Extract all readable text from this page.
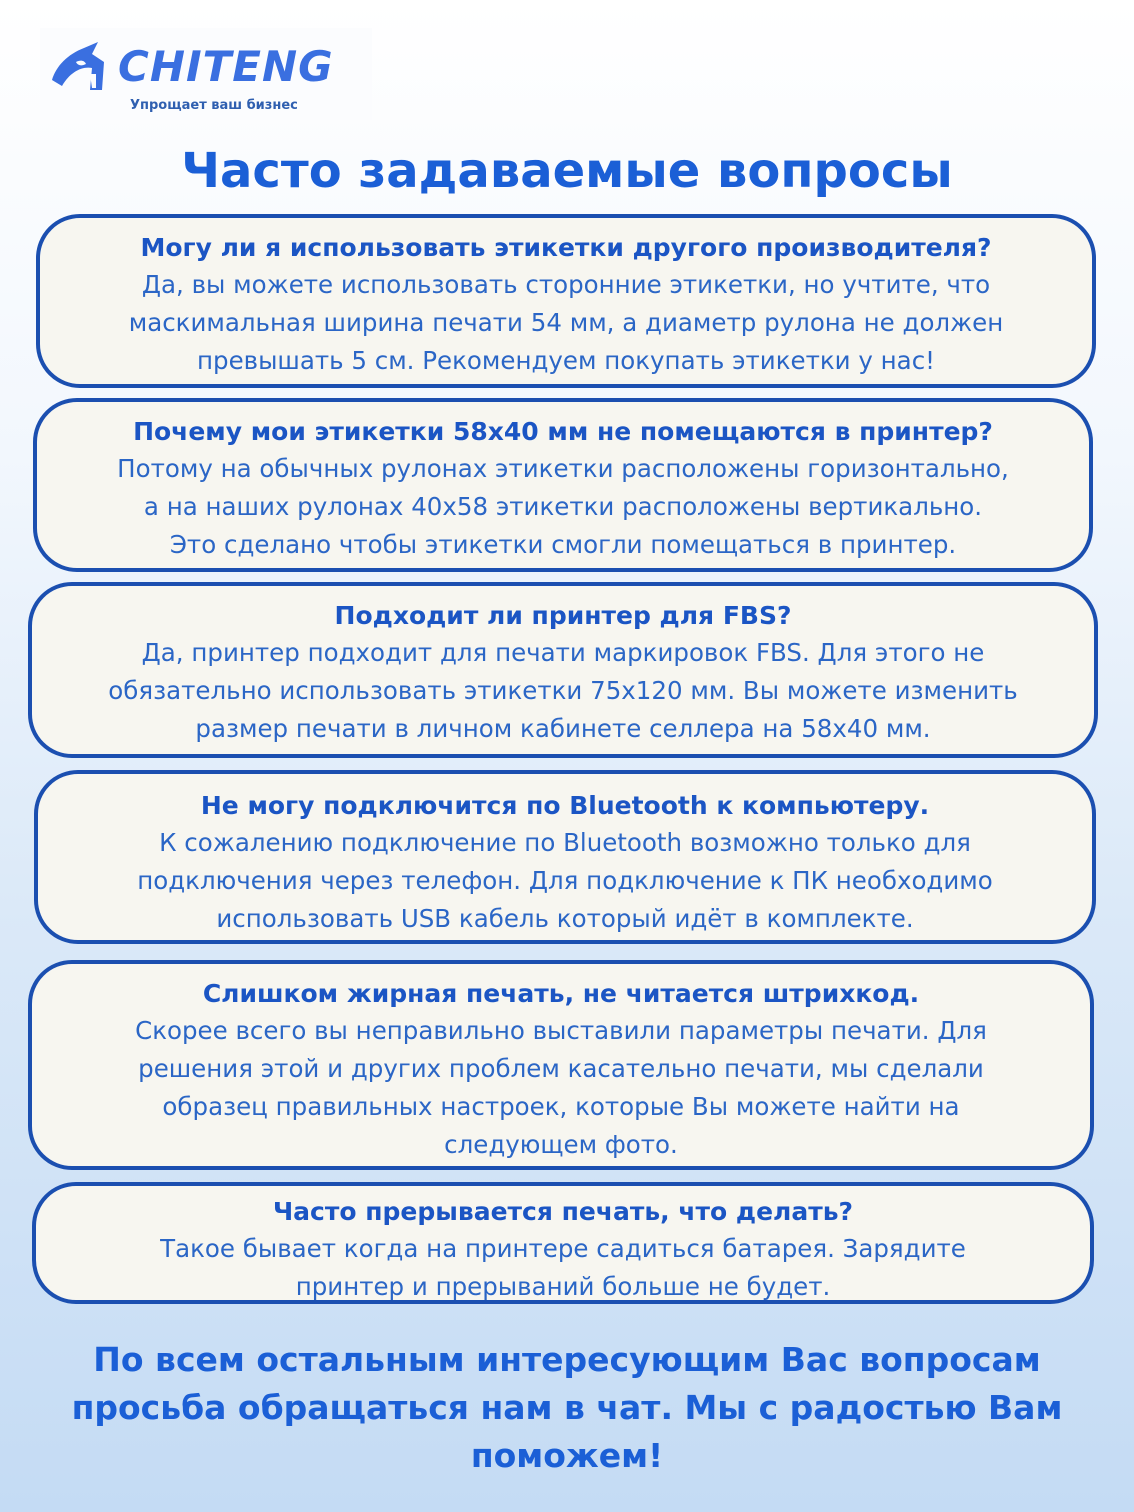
CHITENG
Упрощает ваш бизнес
Часто задаваемые вопросы

Могу ли я использовать этикетки другого производителя?

Да, вы можете использовать сторонние этикетки, но учтите, что
маскимальная ширина печати 54 мм, а диаметр рулона не должен
превышать 5 см. Рекомендуем покупать этикетки у нас!

Почему мои этикетки 58х40 мм не помещаются в принтер?

Потому на обычных рулонах этикетки расположены горизонтально,
а на наших рулонах 40х58 этикетки расположены вертикально.
Это сделано чтобы этикетки смогли помещаться в принтер.

Подходит ли принтер для FBS?

Да, принтер подходит для печати маркировок FBS. Для этого не
обязательно использовать этикетки 75х120 мм. Вы можете изменить
размер печати в личном кабинете селлера на 58х40 мм.

Не могу подключится по Bluetooth к компьютеру.

К сожалению подключение по Bluetooth возможно только для
подключения через телефон. Для подключение к ПК необходимо
использовать USB кабель который идёт в комплекте.

Слишком жирная печать, не читается штрихкод.

Скорее всего вы неправильно выставили параметры печати. Для
решения этой и других проблем касательно печати, мы сделали
образец правильных настроек, которые Вы можете найти на
следующем фото.

Часто прерывается печать, что делать?

Такое бывает когда на принтере садиться батарея. Зарядите
принтер и прерываний больше не будет.

По всем остальным интересующим Вас вопросам
просьба обращаться нам в чат. Мы с радостью Вам
поможем!
